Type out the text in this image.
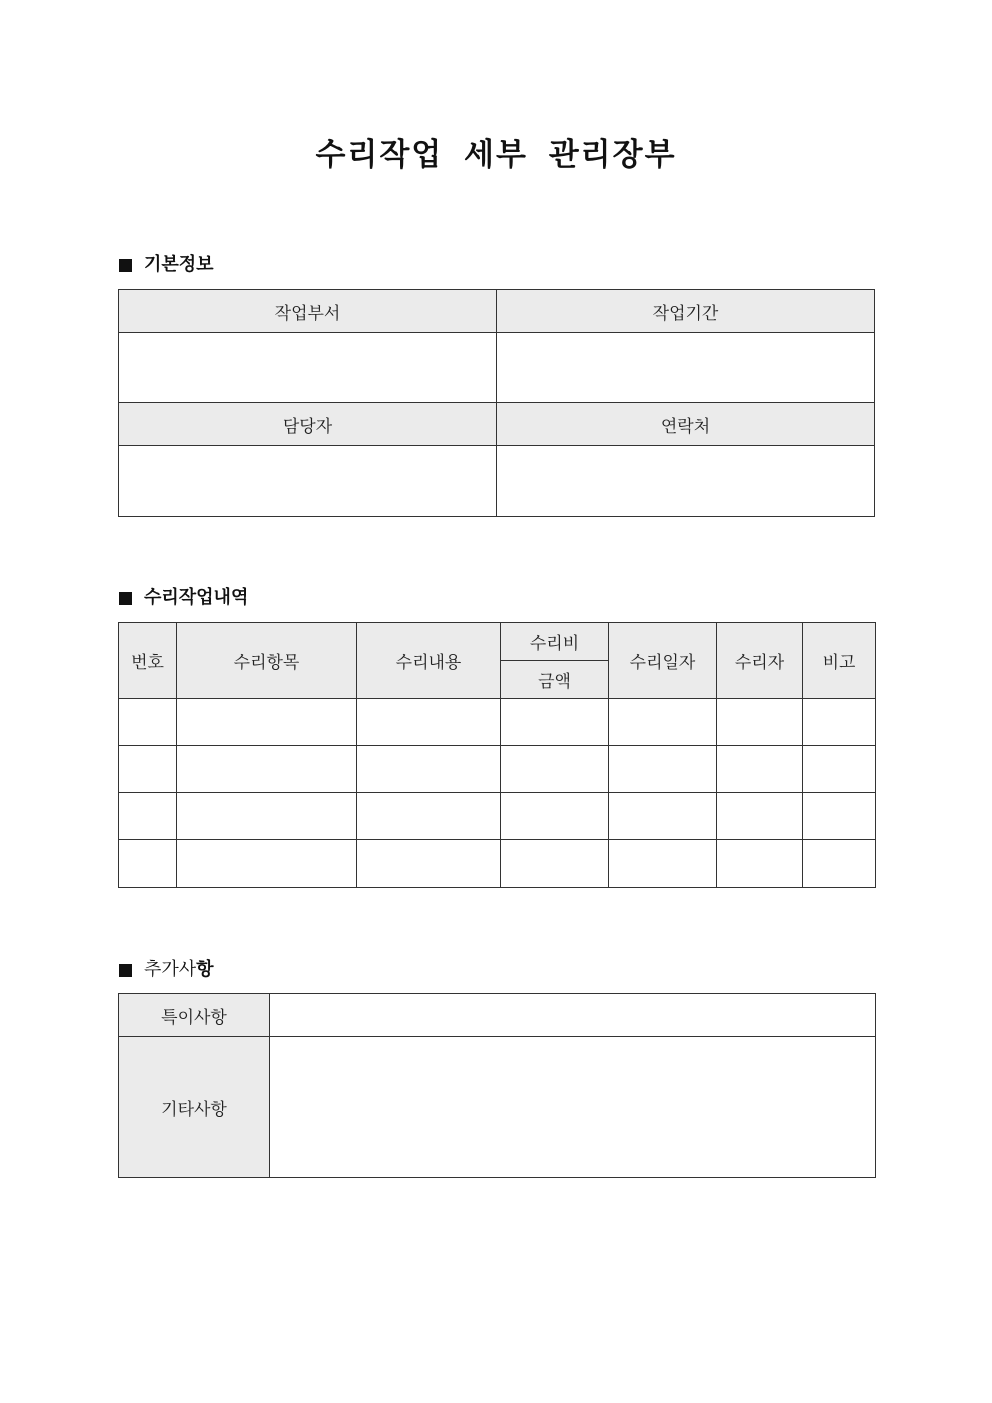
수리작업 세부 관리장부
기본정보
작업부서	작업기간

담당자	연락처

수리작업내역
번호	수리항목	수리내용	수리비	수리일자	수리자	비고
			금액			

추가사 항
특이사항	
기타사항	
